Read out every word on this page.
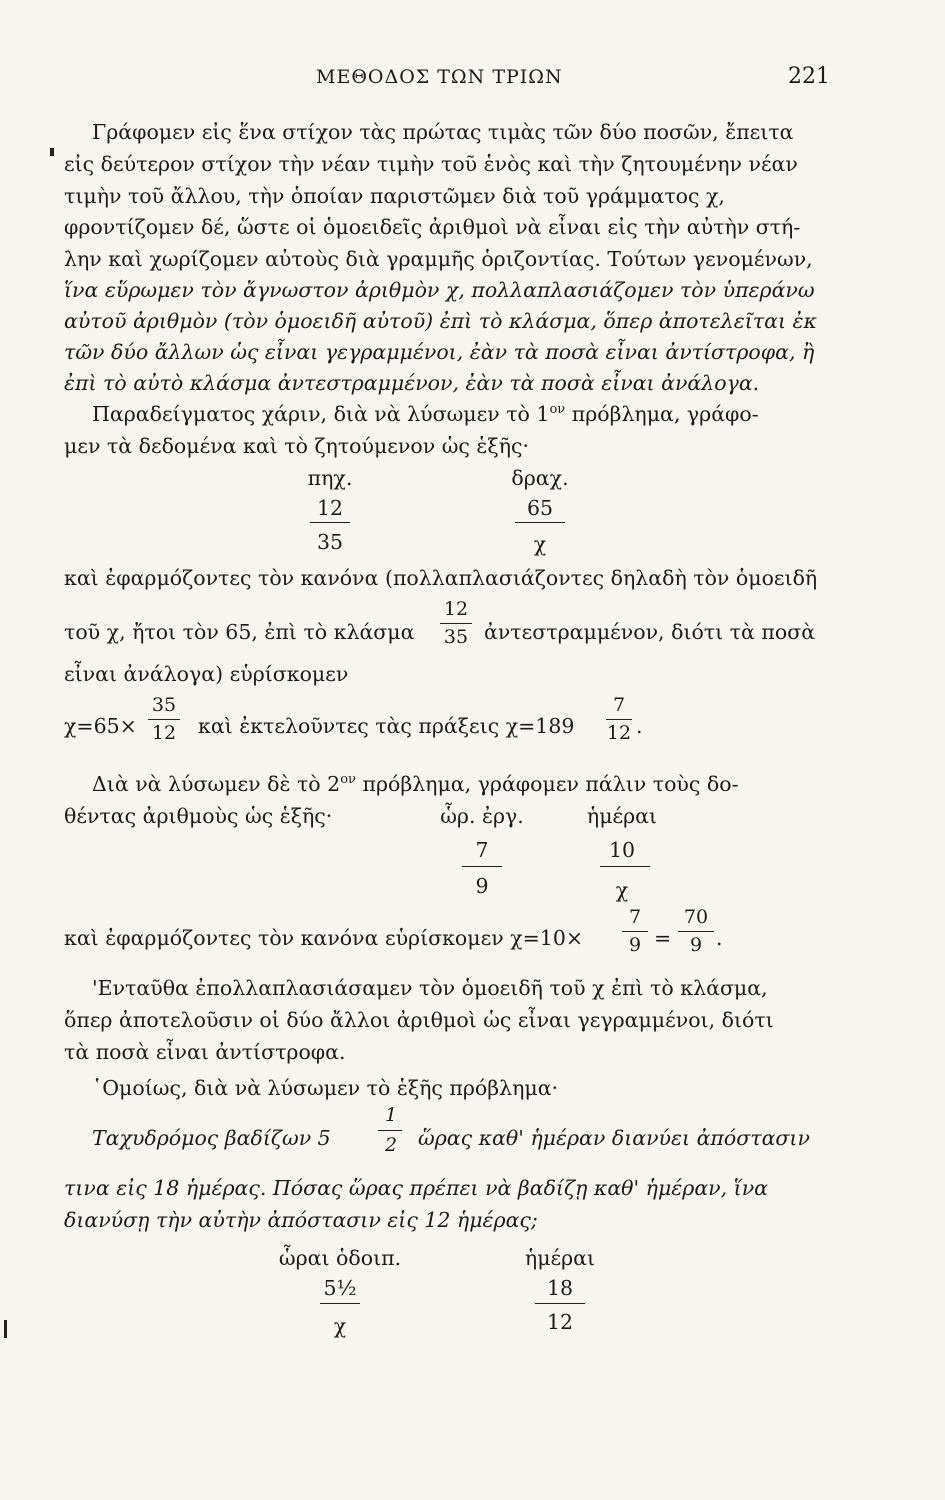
ΜΕΘΟΔΟΣ ΤΩΝ ΤΡΙΩΝ	221
Γράφομεν εἰς ἕνα στίχον τὰς πρώτας τιμὰς τῶν δύο ποσῶν, ἔπειτα
εἰς δεύτερον στίχον τὴν νέαν τιμὴν τοῦ ἑνὸς καὶ τὴν ζητουμένην νέαν
τιμὴν τοῦ ἄλλου, τὴν ὁποίαν παριστῶμεν διὰ τοῦ γράμματος χ,
φροντίζομεν δέ, ὥστε οἱ ὁμοειδεῖς ἀριθμοὶ νὰ εἶναι εἰς τὴν αὐτὴν στή-
λην καὶ χωρίζομεν αὐτοὺς διὰ γραμμῆς ὁριζοντίας. Τούτων γενομένων,
ἵνα εὕρωμεν τὸν ἄγνωστον ἀριθμὸν χ, πολλαπλασιάζομεν τὸν ὑπεράνω
αὐτοῦ ἀριθμὸν (τὸν ὁμοειδῆ αὐτοῦ) ἐπὶ τὸ κλάσμα, ὅπερ ἀποτελεῖται ἐκ
τῶν δύο ἄλλων ὡς εἶναι γεγραμμένοι, ἐὰν τὰ ποσὰ εἶναι ἀντίστροφα, ἢ
ἐπὶ τὸ αὐτὸ κλάσμα ἀντεστραμμένον, ἐὰν τὰ ποσὰ εἶναι ἀνάλογα.
Παραδείγματος χάριν, διὰ νὰ λύσωμεν τὸ $1^{o\nu}$ πρόβλημα, γράφο-
μεν τὰ δεδομένα καὶ τὸ ζητούμενον ὡς ἑξῆς·
πηχ.	δραχ.
12	65
35	χ
καὶ ἐφαρμόζοντες τὸν κανόνα (πολλαπλασιάζοντες δηλαδὴ τὸν ὁμοειδῆ
τοῦ χ, ἤτοι τὸν 65, ἐπὶ τὸ κλάσμα
12
35 ἀντεστραμμένον, διότι τὰ ποσὰ
εἶναι ἀνάλογα) εὑρίσκομεν
χ=65×
35
12 καὶ ἐκτελοῦντες τὰς πράξεις χ=189
7
12 .
Διὰ νὰ λύσωμεν δὲ τὸ $2^{o\nu}$ πρόβλημα, γράφομεν πάλιν τοὺς δο-
θέντας ἀριθμοὺς ὡς ἑξῆς·	ὧρ. ἐργ.	ἡμέραι
7	10
9	χ
καὶ ἐφαρμόζοντες τὸν κανόνα εὑρίσκομεν χ=10×
7
9 =
70
9 .
'Ενταῦθα ἐπολλαπλασιάσαμεν τὸν ὁμοειδῆ τοῦ χ ἐπὶ τὸ κλάσμα,
ὅπερ ἀποτελοῦσιν οἱ δύο ἄλλοι ἀριθμοὶ ὡς εἶναι γεγραμμένοι, διότι
τὰ ποσὰ εἶναι ἀντίστροφα.
῾Ομοίως, διὰ νὰ λύσωμεν τὸ ἑξῆς πρόβλημα·
Ταχυδρόμος βαδίζων 5
1
2	ὥρας καθ' ἡμέραν διανύει ἀπόστασιν
τινα εἰς 18 ἡμέρας. Πόσας ὥρας πρέπει νὰ βαδίζῃ καθ' ἡμέραν, ἵνα
διανύσῃ τὴν αὐτὴν ἀπόστασιν εἰς 12 ἡμέρας;
ὧραι ὁδοιπ.	ἡμέραι
5½	18
χ	12
